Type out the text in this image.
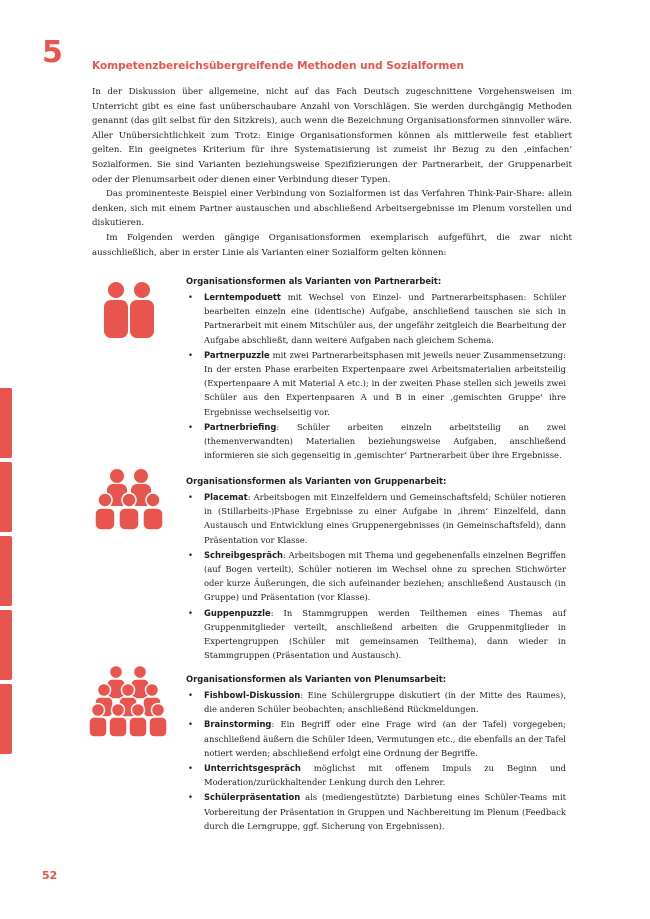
5	Kompetenzbereichsübergreifende Methoden und Sozialformen

In der Diskussion über allgemeine, nicht auf das Fach Deutsch zugeschnittene Vorgehensweisen im Unterricht gibt es eine fast unüberschaubare Anzahl von Vorschlägen. Sie werden durchgängig Methoden genannt (das gilt selbst für den Sitzkreis), auch wenn die Bezeichnung Organisationsformen sinnvoller wäre. Aller Unübersichtlichkeit zum Trotz: Einige Organisationsformen können als mittlerweile fest etabliert gelten. Ein geeignetes Kriterium für ihre Systematisierung ist zumeist ihr Bezug zu den ‚einfachen‘ Sozialformen. Sie sind Varianten beziehungsweise Spezifizierungen der Partnerarbeit, der Gruppenarbeit oder der Plenumsarbeit oder dienen einer Verbindung dieser Typen.

Das prominenteste Beispiel einer Verbindung von Sozialformen ist das Verfahren Think-Pair-Share: allein denken, sich mit einem Partner austauschen und abschließend Arbeitsergebnisse im Plenum vorstellen und diskutieren.

Im Folgenden werden gängige Organisationsformen exemplarisch aufgeführt, die zwar nicht ausschließlich, aber in erster Linie als Varianten einer Sozialform gelten können:

Organisationsformen als Varianten von Partnerarbeit:
• Lerntempoduett mit Wechsel von Einzel- und Partnerarbeitsphasen: Schüler bearbeiten einzeln eine (identische) Aufgabe, anschließend tauschen sie sich in Partnerarbeit mit einem Mitschüler aus, der ungefähr zeitgleich die Bearbeitung der Aufgabe abschließt, dann weitere Aufgaben nach gleichem Schema.
• Partnerpuzzle mit zwei Partnerarbeitsphasen mit jeweils neuer Zusammensetzung: In der ersten Phase erarbeiten Expertenpaare zwei Arbeitsmaterialien arbeitsteilig (Expertenpaare A mit Material A etc.); in der zweiten Phase stellen sich jeweils zwei Schüler aus den Expertenpaaren A und B in einer ‚gemischten Gruppe‘ ihre Ergebnisse wechselseitig vor.
• Partnerbriefing: Schüler arbeiten einzeln arbeitsteilig an zwei (themenverwandten) Materialien beziehungsweise Aufgaben, anschließend informieren sie sich gegenseitig in ‚gemischter‘ Partnerarbeit über ihre Ergebnisse.
Organisationsformen als Varianten von Gruppenarbeit:
• Placemat: Arbeitsbogen mit Einzelfeldern und Gemeinschaftsfeld; Schüler notieren in (Stillarbeits-)Phase Ergebnisse zu einer Aufgabe in ‚ihrem‘ Einzelfeld, dann Austausch und Entwicklung eines Gruppenergebnisses (in Gemeinschaftsfeld), dann Präsentation vor Klasse.
• Schreibgespräch: Arbeitsbogen mit Thema und gegebenenfalls einzelnen Begriffen (auf Bogen verteilt), Schüler notieren im Wechsel ohne zu sprechen Stichwörter oder kurze Äußerungen, die sich aufeinander beziehen; anschließend Austausch (in Gruppe) und Präsentation (vor Klasse).
• Guppenpuzzle: In Stammgruppen werden Teilthemen eines Themas auf Gruppenmitglieder verteilt, anschließend arbeiten die Gruppenmitglieder in Expertengruppen (Schüler mit gemeinsamen Teilthema), dann wieder in Stammgruppen (Präsentation und Austausch).
Organisationsformen als Varianten von Plenumsarbeit:
• Fishbowl-Diskussion: Eine Schülergruppe diskutiert (in der Mitte des Raumes), die anderen Schüler beobachten; anschließend Rückmeldungen.
• Brainstorming: Ein Begriff oder eine Frage wird (an der Tafel) vorgegeben; anschließend äußern die Schüler Ideen, Vermutungen etc., die ebenfalls an der Tafel notiert werden; abschließend erfolgt eine Ordnung der Begriffe.
• Unterrichtsgespräch möglichst mit offenem Impuls zu Beginn und Moderation/zurückhaltender Lenkung durch den Lehrer.
• Schülerpräsentation als (mediengestützte) Darbietung eines Schüler-Teams mit Vorbereitung der Präsentation in Gruppen und Nachbereitung im Plenum (Feedback durch die Lerngruppe, ggf. Sicherung von Ergebnissen).
52
